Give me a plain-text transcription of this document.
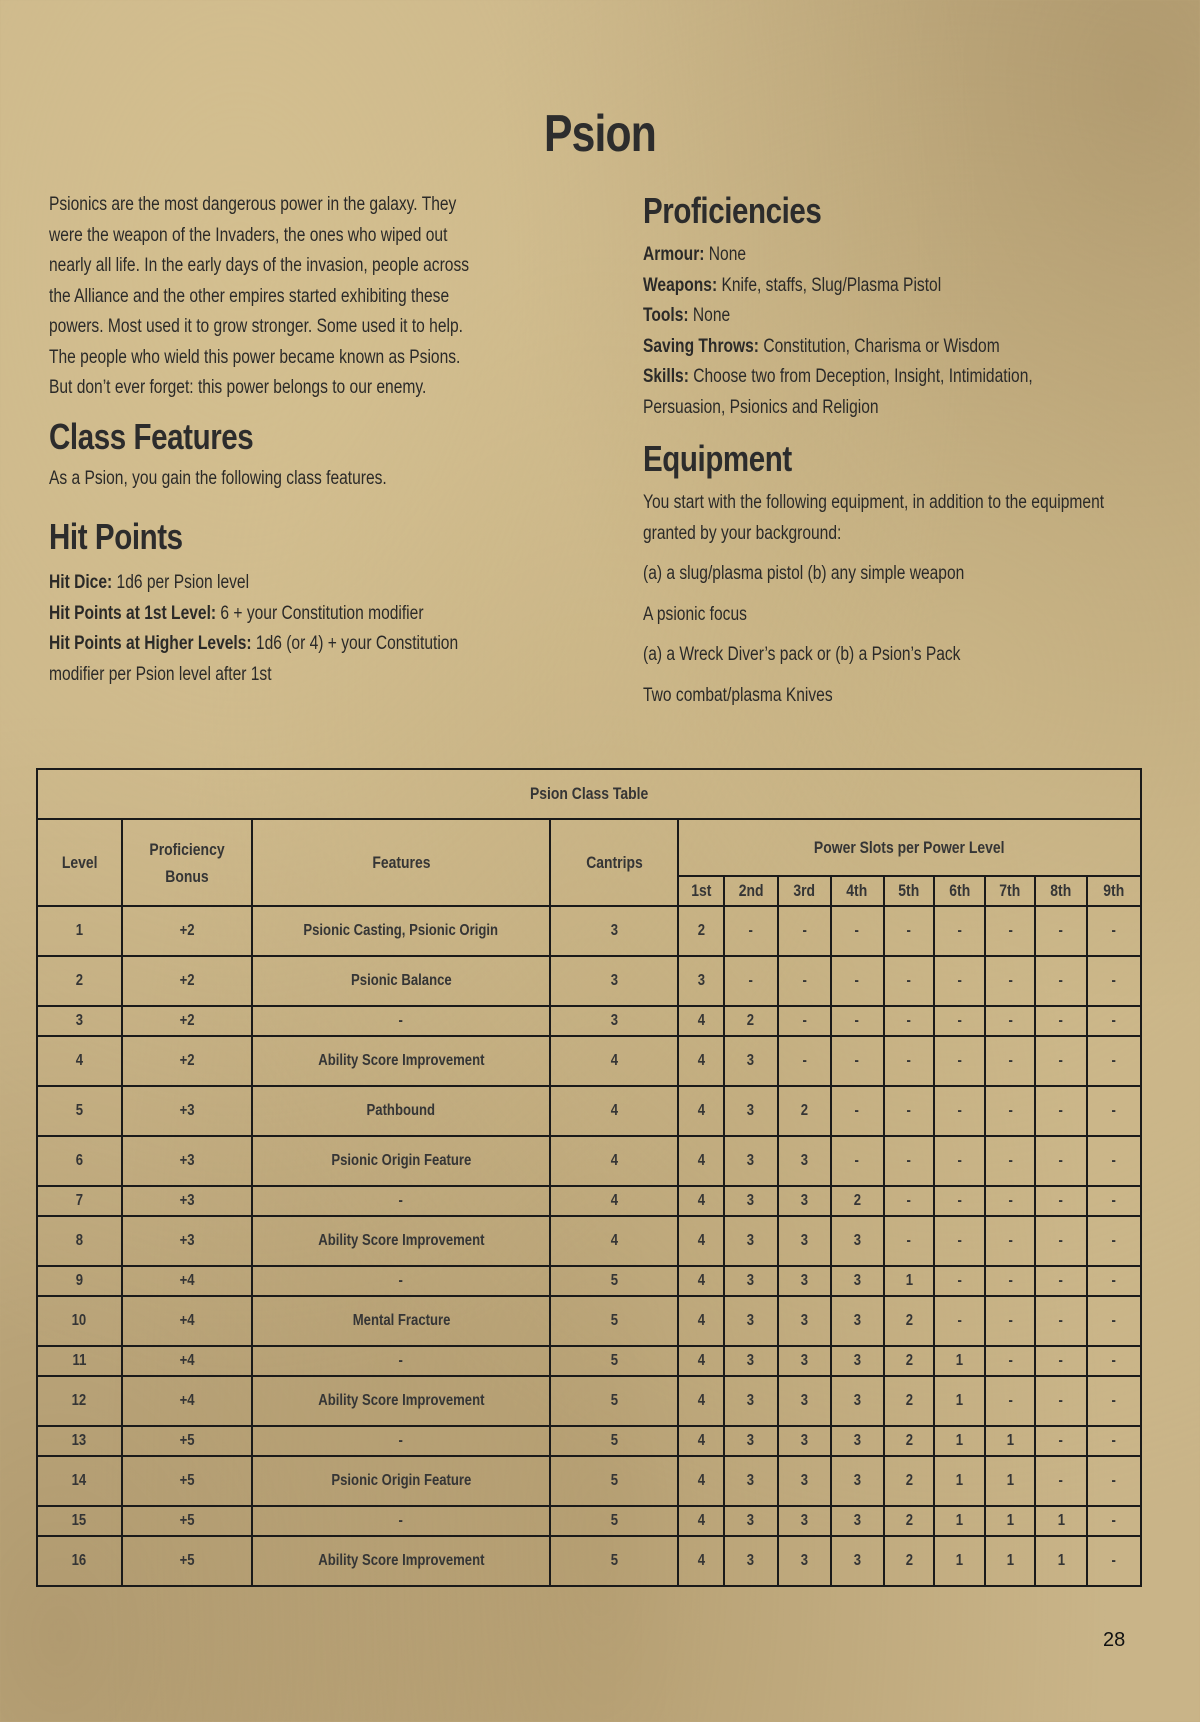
Psion
Psionics are the most dangerous power in the galaxy. They
were the weapon of the Invaders, the ones who wiped out
nearly all life. In the early days of the invasion, people across
the Alliance and the other empires started exhibiting these
powers. Most used it to grow stronger. Some used it to help.
The people who wield this power became known as Psions.
But don’t ever forget: this power belongs to our enemy.
Class Features
As a Psion, you gain the following class features.
Hit Points
Hit Dice: 1d6 per Psion level
Hit Points at 1st Level: 6 + your Constitution modifier
Hit Points at Higher Levels: 1d6 (or 4) + your Constitution
modifier per Psion level after 1st
Proficiencies
Armour: None
Weapons: Knife, staffs, Slug/Plasma Pistol
Tools: None
Saving Throws: Constitution, Charisma or Wisdom
Skills: Choose two from Deception, Insight, Intimidation,
Persuasion, Psionics and Religion
Equipment
You start with the following equipment, in addition to the equipment
granted by your background:
(a) a slug/plasma pistol (b) any simple weapon
A psionic focus
(a) a Wreck Diver’s pack or (b) a Psion’s Pack
Two combat/plasma Knives
Psion Class Table												
Level	Proficiency Bonus	Features	Cantrips	Power Slots per Power Level								
				1st	2nd	3rd	4th	5th	6th	7th	8th	9th
1	+2	Psionic Casting, Psionic Origin	3	2	-	-	-	-	-	-	-	-
2	+2	Psionic Balance	3	3	-	-	-	-	-	-	-	-
3	+2	-	3	4	2	-	-	-	-	-	-	-
4	+2	Ability Score Improvement	4	4	3	-	-	-	-	-	-	-
5	+3	Pathbound	4	4	3	2	-	-	-	-	-	-
6	+3	Psionic Origin Feature	4	4	3	3	-	-	-	-	-	-
7	+3	-	4	4	3	3	2	-	-	-	-	-
8	+3	Ability Score Improvement	4	4	3	3	3	-	-	-	-	-
9	+4	-	5	4	3	3	3	1	-	-	-	-
10	+4	Mental Fracture	5	4	3	3	3	2	-	-	-	-
11	+4	-	5	4	3	3	3	2	1	-	-	-
12	+4	Ability Score Improvement	5	4	3	3	3	2	1	-	-	-
13	+5	-	5	4	3	3	3	2	1	1	-	-
14	+5	Psionic Origin Feature	5	4	3	3	3	2	1	1	-	-
15	+5	-	5	4	3	3	3	2	1	1	1	-
16	+5	Ability Score Improvement	5	4	3	3	3	2	1	1	1	-
28
